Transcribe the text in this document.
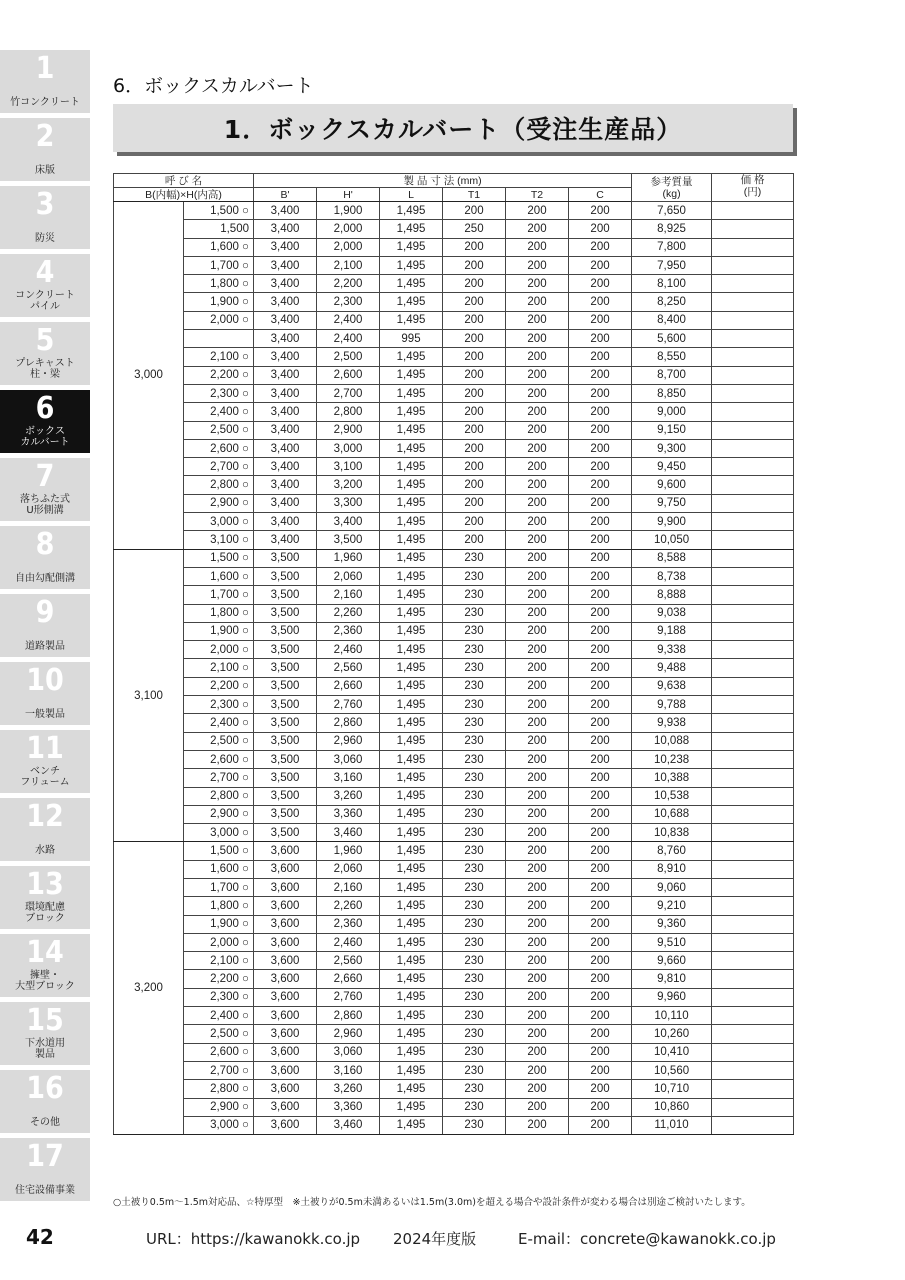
1
竹コンクリート
2
床版
3
防災
4
コンクリート
パイル
5
プレキャスト
柱・梁
6
ボックス
カルバート
7
落ちふた式
U形側溝
8
自由勾配側溝
9
道路製品
10
一般製品
11
ベンチ
フリューム
12
水路
13
環境配慮
ブロック
14
擁壁・
大型ブロック
15
下水道用
製品
16
その他
17
住宅設備事業
6．ボックスカルバート
1．ボックスカルバート（受注生産品）
呼 び 名		製 品 寸 法 (mm)						参考質量
(kg)	価 格
(円)
B(内幅)×H(内高)		B'	H'	L	T1	T2	C		
3,000	1,500 ○	3,400	1,900	1,495	200	200	200	7,650	
	1,500	3,400	2,000	1,495	250	200	200	8,925	
	1,600 ○	3,400	2,000	1,495	200	200	200	7,800	
	1,700 ○	3,400	2,100	1,495	200	200	200	7,950	
	1,800 ○	3,400	2,200	1,495	200	200	200	8,100	
	1,900 ○	3,400	2,300	1,495	200	200	200	8,250	
	2,000 ○	3,400	2,400	1,495	200	200	200	8,400	
		3,400	2,400	995	200	200	200	5,600	
	2,100 ○	3,400	2,500	1,495	200	200	200	8,550	
	2,200 ○	3,400	2,600	1,495	200	200	200	8,700	
	2,300 ○	3,400	2,700	1,495	200	200	200	8,850	
	2,400 ○	3,400	2,800	1,495	200	200	200	9,000	
	2,500 ○	3,400	2,900	1,495	200	200	200	9,150	
	2,600 ○	3,400	3,000	1,495	200	200	200	9,300	
	2,700 ○	3,400	3,100	1,495	200	200	200	9,450	
	2,800 ○	3,400	3,200	1,495	200	200	200	9,600	
	2,900 ○	3,400	3,300	1,495	200	200	200	9,750	
	3,000 ○	3,400	3,400	1,495	200	200	200	9,900	
	3,100 ○	3,400	3,500	1,495	200	200	200	10,050	
3,100	1,500 ○	3,500	1,960	1,495	230	200	200	8,588	
	1,600 ○	3,500	2,060	1,495	230	200	200	8,738	
	1,700 ○	3,500	2,160	1,495	230	200	200	8,888	
	1,800 ○	3,500	2,260	1,495	230	200	200	9,038	
	1,900 ○	3,500	2,360	1,495	230	200	200	9,188	
	2,000 ○	3,500	2,460	1,495	230	200	200	9,338	
	2,100 ○	3,500	2,560	1,495	230	200	200	9,488	
	2,200 ○	3,500	2,660	1,495	230	200	200	9,638	
	2,300 ○	3,500	2,760	1,495	230	200	200	9,788	
	2,400 ○	3,500	2,860	1,495	230	200	200	9,938	
	2,500 ○	3,500	2,960	1,495	230	200	200	10,088	
	2,600 ○	3,500	3,060	1,495	230	200	200	10,238	
	2,700 ○	3,500	3,160	1,495	230	200	200	10,388	
	2,800 ○	3,500	3,260	1,495	230	200	200	10,538	
	2,900 ○	3,500	3,360	1,495	230	200	200	10,688	
	3,000 ○	3,500	3,460	1,495	230	200	200	10,838	
3,200	1,500 ○	3,600	1,960	1,495	230	200	200	8,760	
	1,600 ○	3,600	2,060	1,495	230	200	200	8,910	
	1,700 ○	3,600	2,160	1,495	230	200	200	9,060	
	1,800 ○	3,600	2,260	1,495	230	200	200	9,210	
	1,900 ○	3,600	2,360	1,495	230	200	200	9,360	
	2,000 ○	3,600	2,460	1,495	230	200	200	9,510	
	2,100 ○	3,600	2,560	1,495	230	200	200	9,660	
	2,200 ○	3,600	2,660	1,495	230	200	200	9,810	
	2,300 ○	3,600	2,760	1,495	230	200	200	9,960	
	2,400 ○	3,600	2,860	1,495	230	200	200	10,110	
	2,500 ○	3,600	2,960	1,495	230	200	200	10,260	
	2,600 ○	3,600	3,060	1,495	230	200	200	10,410	
	2,700 ○	3,600	3,160	1,495	230	200	200	10,560	
	2,800 ○	3,600	3,260	1,495	230	200	200	10,710	
	2,900 ○	3,600	3,360	1,495	230	200	200	10,860	
	3,000 ○	3,600	3,460	1,495	230	200	200	11,010	
○土被り0.5m～1.5m対応品、☆特厚型　※土被りが0.5m未満あるいは1.5m(3.0m)を超える場合や設計条件が変わる場合は別途ご検討いたします。
42	URL：https://kawanokk.co.jp 2024年度版	E-mail：concrete@kawanokk.co.jp
